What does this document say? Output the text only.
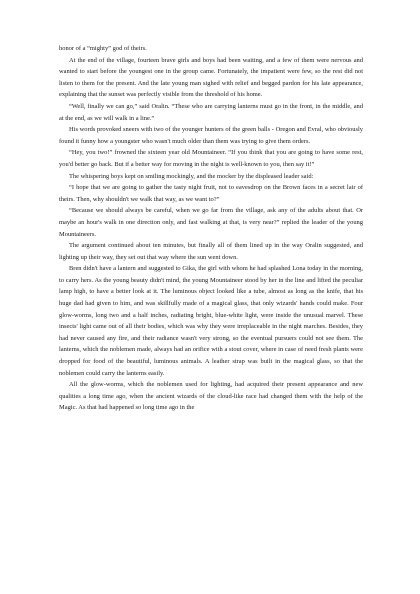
honor of a “mighty” god of theirs.

At the end of the village, fourteen brave girls and boys had been waiting, and a few of them were nervous and wanted to start before the youngest one in the group came. Fortunately, the impatient were few, so the rest did not listen to them for the present. And the late young man sighed with relief and begged pardon for his late appearance, explaining that the sunset was perfectly visible from the threshold of his home.

“Well, finally we can go,” said Oralin. “These who are carrying lanterns must go in the front, in the middle, and at the end, as we will walk in a line.”

His words provoked sneers with two of the younger hunters of the green balls - Oregon and Evral, who obviously found it funny how a youngster who wasn't much older than them was trying to give them orders.

“Hey, you two!” frowned the sixteen year old Mountaineer. “If you think that you are going to have some rest, you'd better go back. But if a better way for moving in the night is well-known to you, then say it!”

The whispering boys kept on smiling mockingly, and the mocker by the displeased leader said:

“I hope that we are going to gather the tasty night fruit, not to eavesdrop on the Brown faces in a secret lair of theirs. Then, why shouldn't we walk that way, as we want to?”

“Because we should always be careful, when we go far from the village, ask any of the adults about that. Or maybe an hour's walk in one direction only, and fast walking at that, is very near?” replied the leader of the young Mountaineers.

The argument continued about ten minutes, but finally all of them lined up in the way Oralin suggested, and lighting up their way, they set out that way where the sun went down.

Bren didn't have a lantern and suggested to Gika, the girl with whom he had splashed Lona today in the morning, to carry hers. As the young beauty didn't mind, the young Mountaineer stood by her in the line and lifted the peculiar lamp high, to have a better look at it. The luminous object looked like a tube, almost as long as the knife, that his huge dad had given to him, and was skillfully made of a magical glass, that only wizards' hands could make. Four glow-worms, long two and a half inches, radiating bright, blue-white light, were inside the unusual marvel. These insects' light came out of all their bodies, which was why they were irreplaceable in the night marches. Besides, they had never caused any fire, and their radiance wasn't very strong, so the eventual pursuers could not see them. The lanterns, which the noblemen made, always had an orifice with a stout cover, where in case of need fresh plants were dropped for food of the beautiful, luminous animals. A leather strap was built in the magical glass, so that the noblemen could carry the lanterns easily.

All the glow-worms, which the noblemen used for lighting, had acquired their present appearance and new qualities a long time ago, when the ancient wizards of the cloud-like race had changed them with the help of the Magic. As that had happened so long time ago in the
